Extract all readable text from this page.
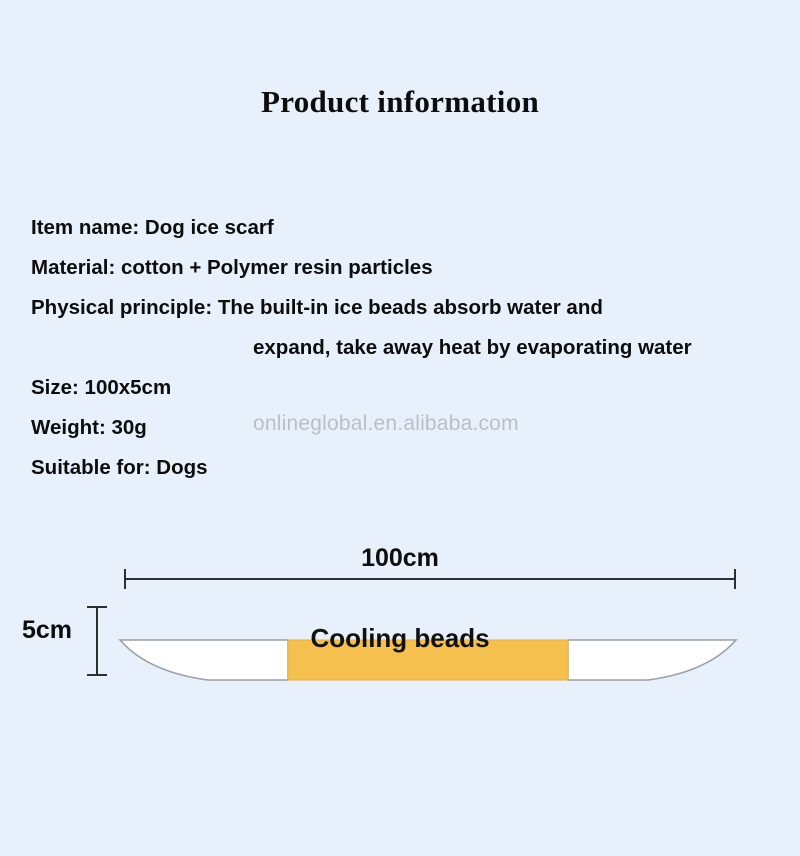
Product information
Item name: Dog ice scarf
Material: cotton + Polymer resin particles
Physical principle: The built-in ice beads absorb water and
expand, take away heat by evaporating water
Size: 100x5cm
Weight: 30g
Suitable for: Dogs
onlineglobal.en.alibaba.com
100cm
5cm	Cooling beads
